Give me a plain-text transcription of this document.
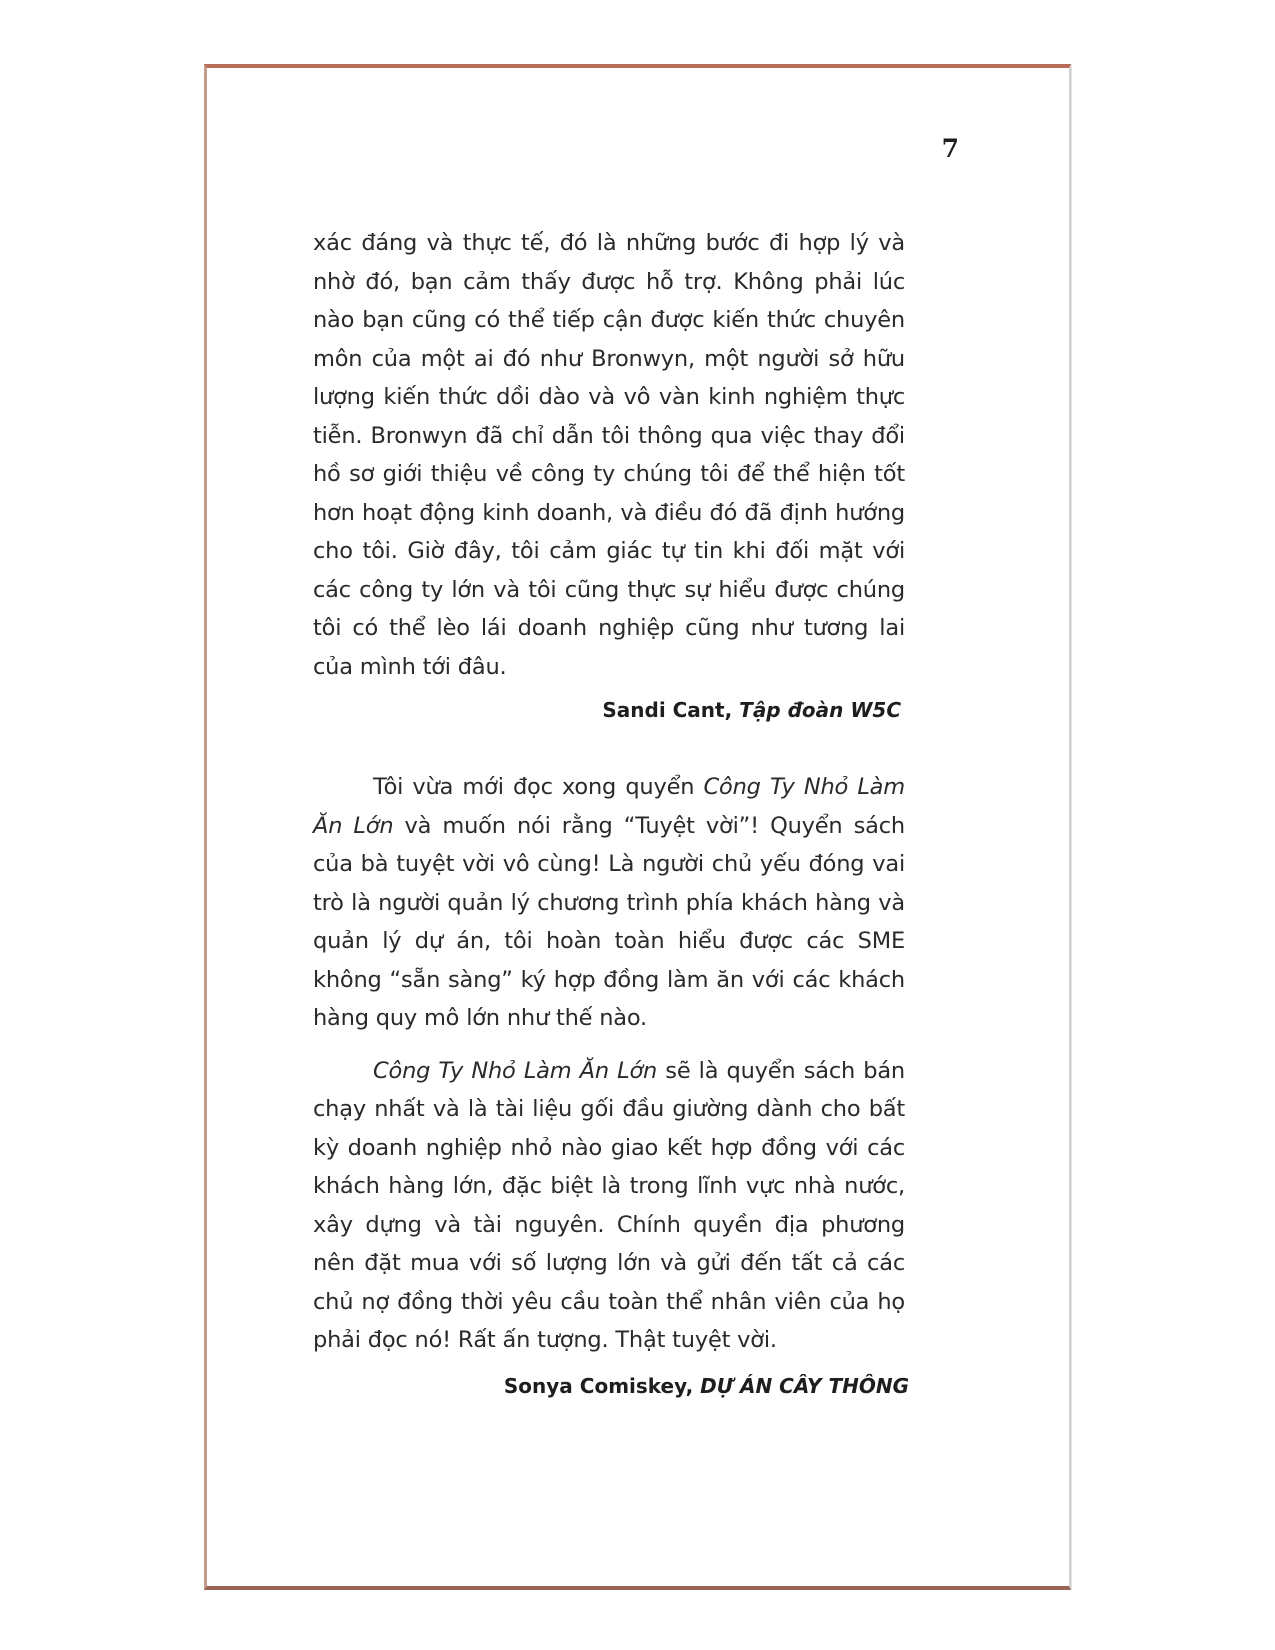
7

xác đáng và thực tế, đó là những bước đi hợp lý và nhờ đó, bạn cảm thấy được hỗ trợ. Không phải lúc nào bạn cũng có thể tiếp cận được kiến thức chuyên môn của một ai đó như Bronwyn, một người sở hữu lượng kiến thức dồi dào và vô vàn kinh nghiệm thực tiễn. Bronwyn đã chỉ dẫn tôi thông qua việc thay đổi hồ sơ giới thiệu về công ty chúng tôi để thể hiện tốt hơn hoạt động kinh doanh, và điều đó đã định hướng cho tôi. Giờ đây, tôi cảm giác tự tin khi đối mặt với các công ty lớn và tôi cũng thực sự hiểu được chúng tôi có thể lèo lái doanh nghiệp cũng như tương lai của mình tới đâu.

Sandi Cant, Tập đoàn W5C

Tôi vừa mới đọc xong quyển Công Ty Nhỏ Làm Ăn Lớn và muốn nói rằng “Tuyệt vời”! Quyển sách của bà tuyệt vời vô cùng! Là người chủ yếu đóng vai trò là người quản lý chương trình phía khách hàng và quản lý dự án, tôi hoàn toàn hiểu được các SME không “sẵn sàng” ký hợp đồng làm ăn với các khách hàng quy mô lớn như thế nào.

Công Ty Nhỏ Làm Ăn Lớn sẽ là quyển sách bán chạy nhất và là tài liệu gối đầu giường dành cho bất kỳ doanh nghiệp nhỏ nào giao kết hợp đồng với các khách hàng lớn, đặc biệt là trong lĩnh vực nhà nước, xây dựng và tài nguyên. Chính quyền địa phương nên đặt mua với số lượng lớn và gửi đến tất cả các chủ nợ đồng thời yêu cầu toàn thể nhân viên của họ phải đọc nó! Rất ấn tượng. Thật tuyệt vời.

Sonya Comiskey, DỰ ÁN CÂY THÔNG
